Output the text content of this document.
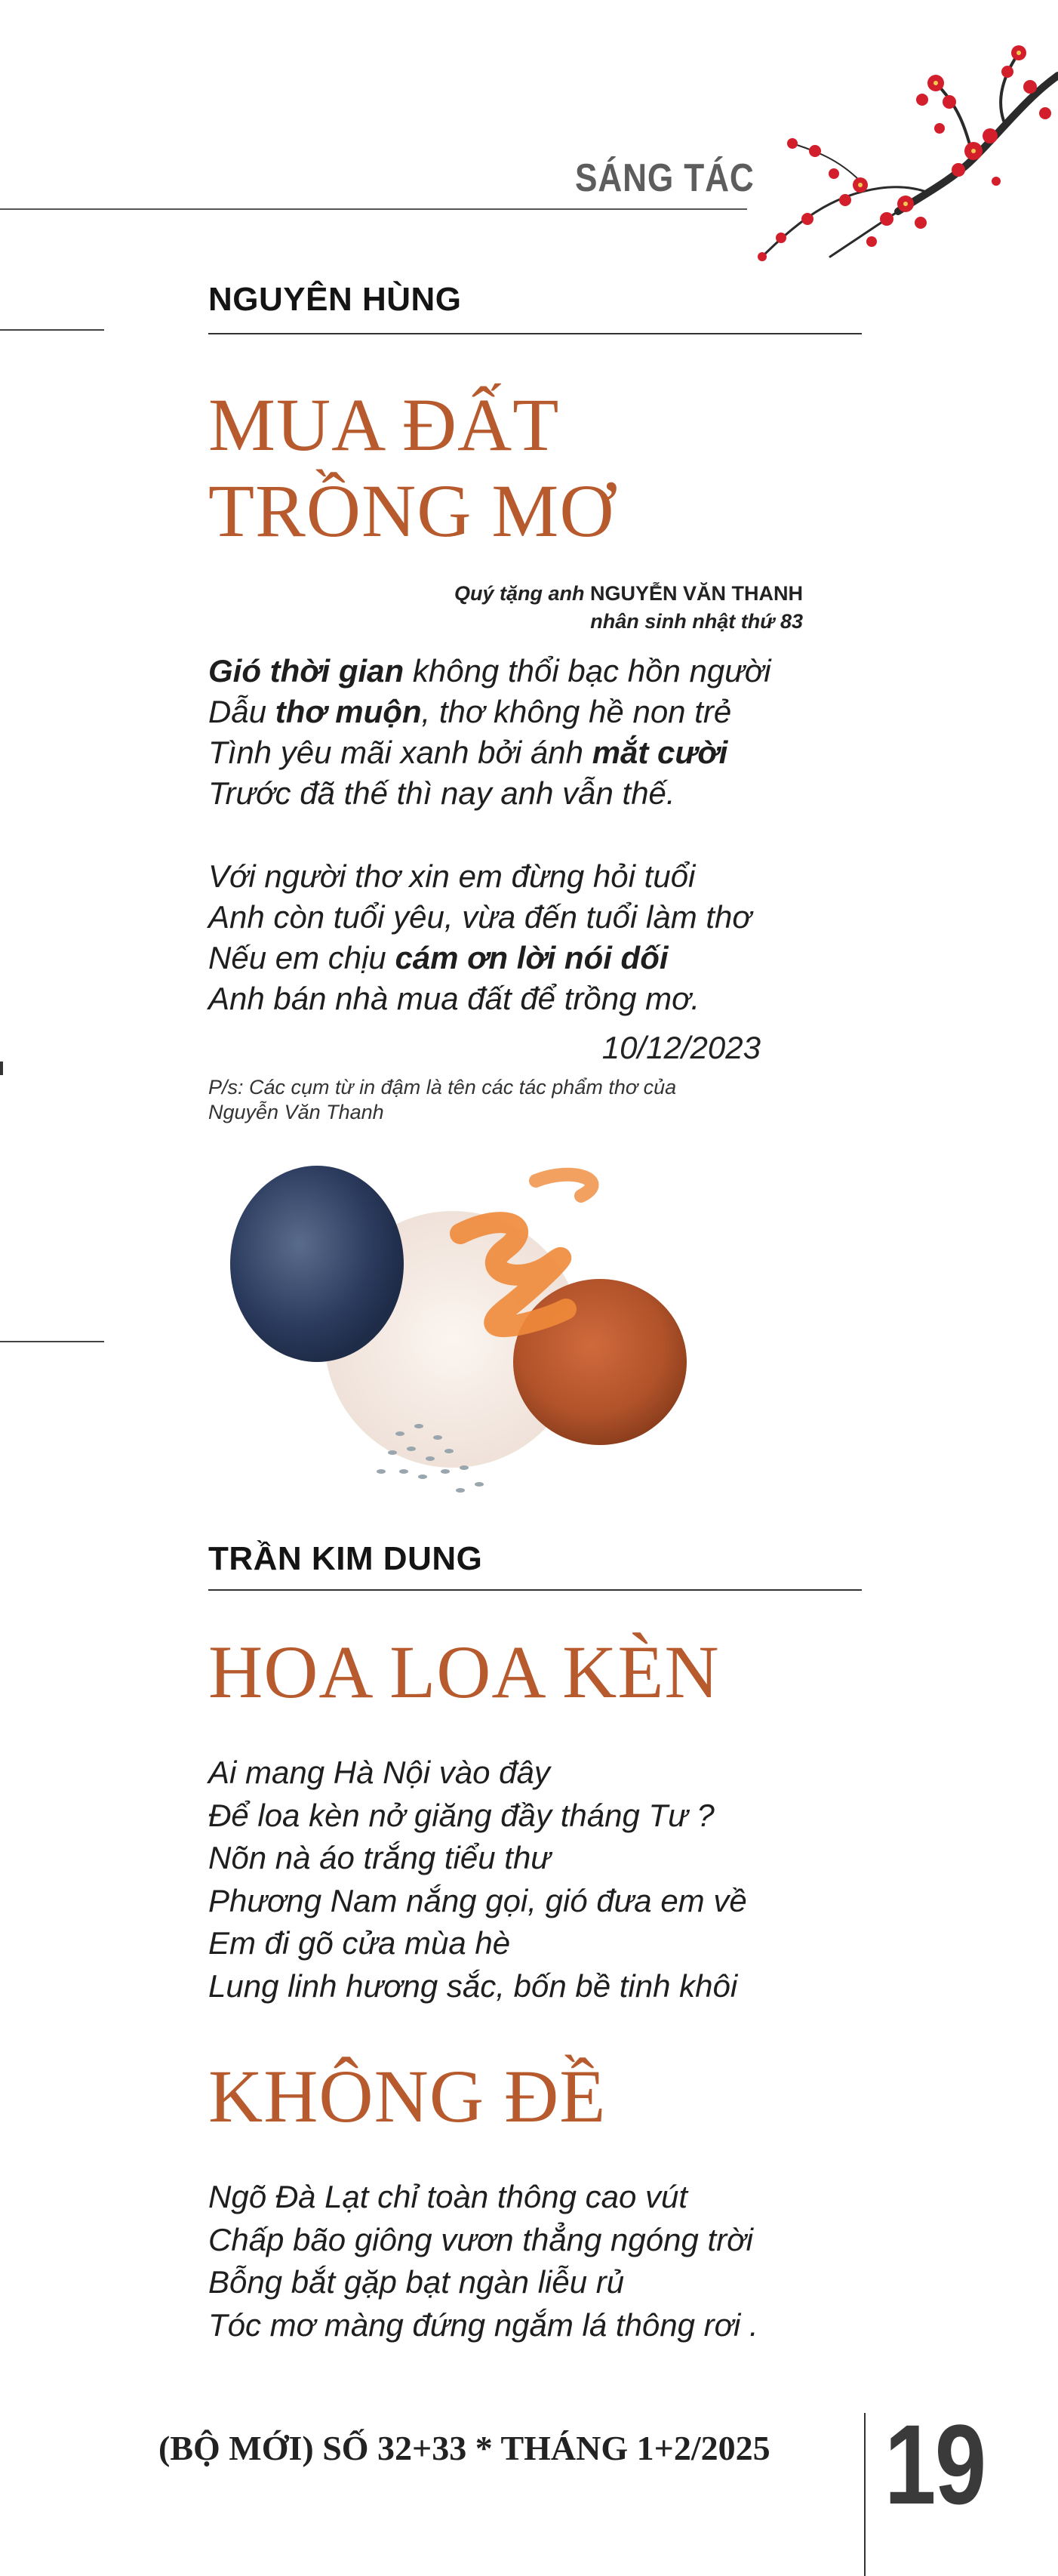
SÁNG TÁC
NGUYÊN HÙNG
MUA ĐẤT
TRỒNG MƠ
Quý tặng anh NGUYỄN VĂN THANH
nhân sinh nhật thứ 83
Gió thời gian không thổi bạc hồn người
Dẫu thơ muộn, thơ không hề non trẻ
Tình yêu mãi xanh bởi ánh mắt cười
Trước đã thế thì nay anh vẫn thế.
Với người thơ xin em đừng hỏi tuổi
Anh còn tuổi yêu, vừa đến tuổi làm thơ
Nếu em chịu cám ơn lời nói dối
Anh bán nhà mua đất để trồng mơ.
10/12/2023
P/s: Các cụm từ in đậm là tên các tác phẩm thơ của Nguyễn Văn Thanh
TRẦN KIM DUNG
HOA LOA KÈN
Ai mang Hà Nội vào đây
Để loa kèn nở giăng đầy tháng Tư ?
Nõn nà áo trắng tiểu thư
Phương Nam nắng gọi, gió đưa em về
Em đi gõ cửa mùa hè
Lung linh hương sắc, bốn bề tinh khôi
KHÔNG ĐỀ
Ngõ Đà Lạt chỉ toàn thông cao vút
Chấp bão giông vươn thẳng ngóng trời
Bỗng bắt gặp bạt ngàn liễu rủ
Tóc mơ màng đứng ngắm lá thông rơi .
(BỘ MỚI) SỐ 32+33 * THÁNG 1+2/2025 19
